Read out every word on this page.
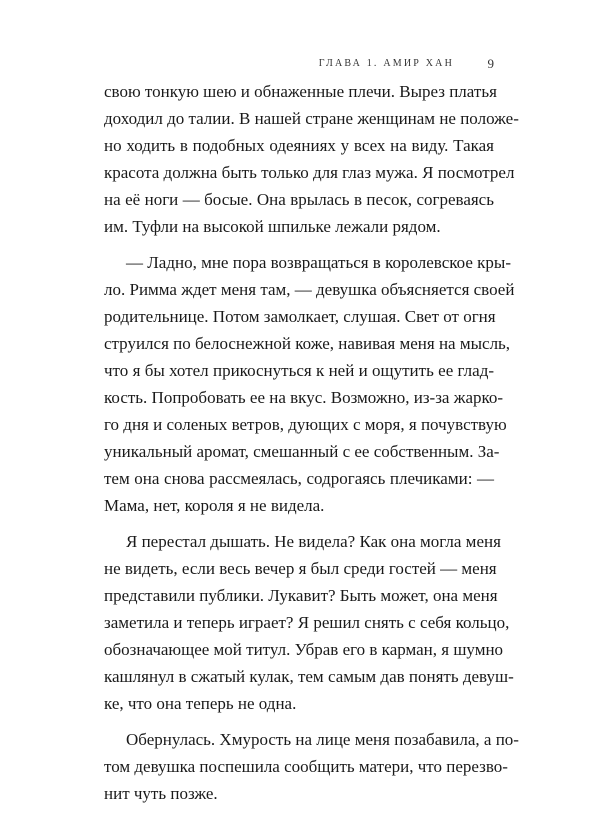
ГЛАВА 1. АМИР ХАН	9
свою тонкую шею и обнаженные плечи. Вырез платья
доходил до талии. В нашей стране женщинам не положе-
но ходить в подобных одеяниях у всех на виду. Такая
красота должна быть только для глаз мужа. Я посмотрел
на её ноги — босые. Она врылась в песок, согреваясь
им. Туфли на высокой шпильке лежали рядом.
— Ладно, мне пора возвращаться в королевское кры-
ло. Римма ждет меня там, — девушка объясняется своей
родительнице. Потом замолкает, слушая. Свет от огня
струился по белоснежной коже, навивая меня на мысль,
что я бы хотел прикоснуться к ней и ощутить ее глад-
кость. Попробовать ее на вкус. Возможно, из-за жарко-
го дня и соленых ветров, дующих с моря, я почувствую
уникальный аромат, смешанный с ее собственным. За-
тем она снова рассмеялась, содрогаясь плечиками: —
Мама, нет, короля я не видела.
Я перестал дышать. Не видела? Как она могла меня
не видеть, если весь вечер я был среди гостей — меня
представили публики. Лукавит? Быть может, она меня
заметила и теперь играет? Я решил снять с себя кольцо,
обозначающее мой титул. Убрав его в карман, я шумно
кашлянул в сжатый кулак, тем самым дав понять девуш-
ке, что она теперь не одна.
Обернулась. Хмурость на лице меня позабавила, а по-
том девушка поспешила сообщить матери, что перезво-
нит чуть позже.
